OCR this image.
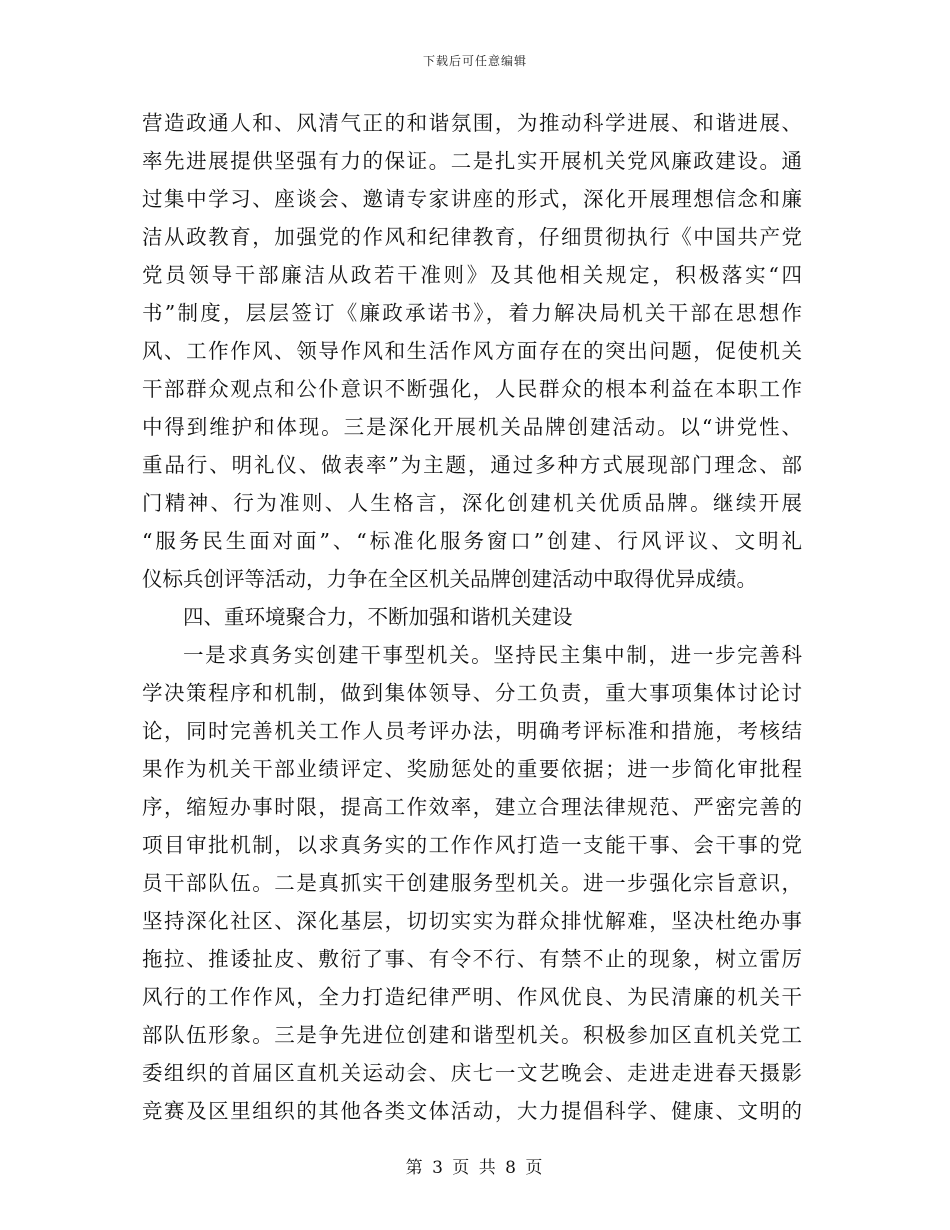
下载后可任意编辑
营造政通人和、风清气正的和谐氛围，为推动科学进展、和谐进展、
率先进展提供坚强有力的保证。二是扎实开展机关党风廉政建设。通
过集中学习、座谈会、邀请专家讲座的形式，深化开展理想信念和廉
洁从政教育，加强党的作风和纪律教育，仔细贯彻执行《中国共产党
党员领导干部廉洁从政若干准则》及其他相关规定，积极落实“四
书”制度，层层签订《廉政承诺书》，着力解决局机关干部在思想作
风、工作作风、领导作风和生活作风方面存在的突出问题，促使机关
干部群众观点和公仆意识不断强化，人民群众的根本利益在本职工作
中得到维护和体现。三是深化开展机关品牌创建活动。以“讲党性、
重品行、明礼仪、做表率”为主题，通过多种方式展现部门理念、部
门精神、行为准则、人生格言，深化创建机关优质品牌。继续开展
“服务民生面对面”、“标准化服务窗口”创建、行风评议、文明礼
仪标兵创评等活动，力争在全区机关品牌创建活动中取得优异成绩。
四、重环境聚合力，不断加强和谐机关建设
一是求真务实创建干事型机关。坚持民主集中制，进一步完善科
学决策程序和机制，做到集体领导、分工负责，重大事项集体讨论讨
论，同时完善机关工作人员考评办法，明确考评标准和措施，考核结
果作为机关干部业绩评定、奖励惩处的重要依据；进一步简化审批程
序，缩短办事时限，提高工作效率，建立合理法律规范、严密完善的
项目审批机制，以求真务实的工作作风打造一支能干事、会干事的党
员干部队伍。二是真抓实干创建服务型机关。进一步强化宗旨意识，
坚持深化社区、深化基层，切切实实为群众排忧解难，坚决杜绝办事
拖拉、推诿扯皮、敷衍了事、有令不行、有禁不止的现象，树立雷厉
风行的工作作风，全力打造纪律严明、作风优良、为民清廉的机关干
部队伍形象。三是争先进位创建和谐型机关。积极参加区直机关党工
委组织的首届区直机关运动会、庆七一文艺晚会、走进走进春天摄影
竞赛及区里组织的其他各类文体活动，大力提倡科学、健康、文明的
第 3 页 共 8 页
